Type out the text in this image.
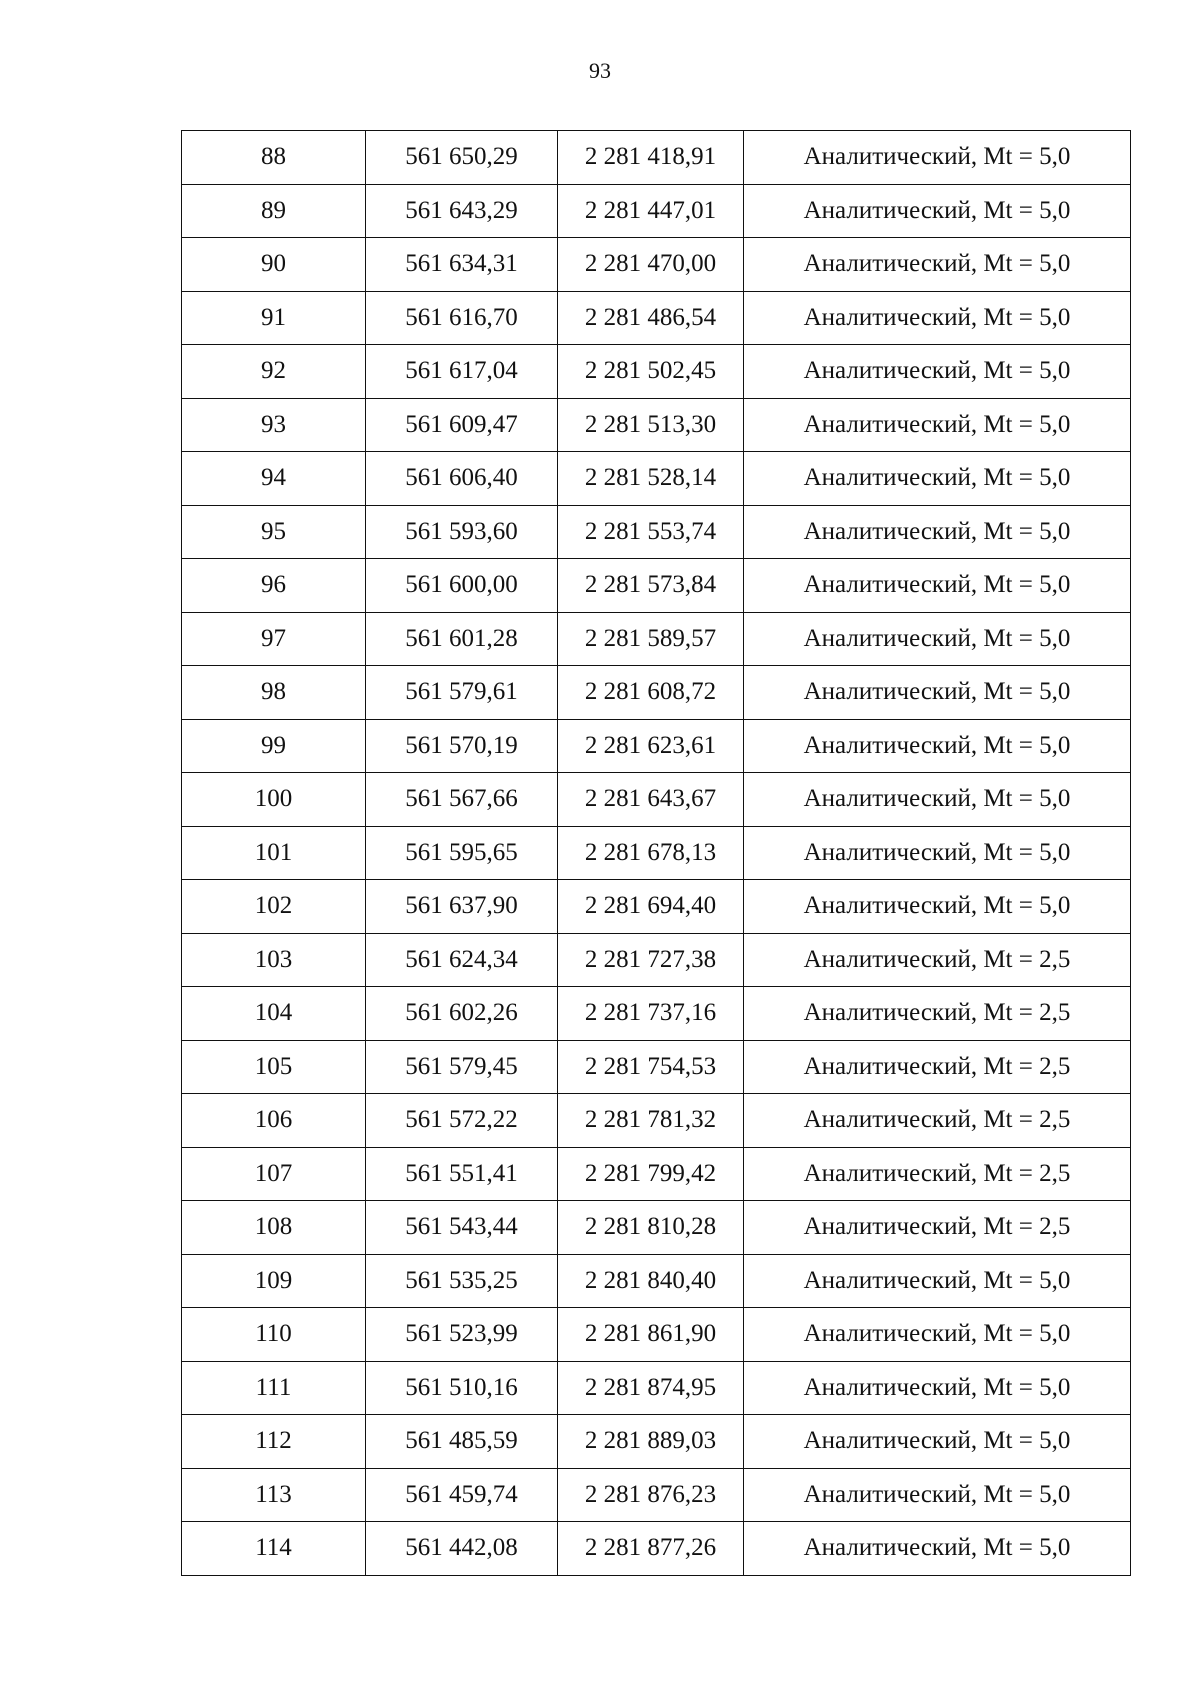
93
88	561 650,29	2 281 418,91	Аналитический, Mt = 5,0
89	561 643,29	2 281 447,01	Аналитический, Mt = 5,0
90	561 634,31	2 281 470,00	Аналитический, Mt = 5,0
91	561 616,70	2 281 486,54	Аналитический, Mt = 5,0
92	561 617,04	2 281 502,45	Аналитический, Mt = 5,0
93	561 609,47	2 281 513,30	Аналитический, Mt = 5,0
94	561 606,40	2 281 528,14	Аналитический, Mt = 5,0
95	561 593,60	2 281 553,74	Аналитический, Mt = 5,0
96	561 600,00	2 281 573,84	Аналитический, Mt = 5,0
97	561 601,28	2 281 589,57	Аналитический, Mt = 5,0
98	561 579,61	2 281 608,72	Аналитический, Mt = 5,0
99	561 570,19	2 281 623,61	Аналитический, Mt = 5,0
100	561 567,66	2 281 643,67	Аналитический, Mt = 5,0
101	561 595,65	2 281 678,13	Аналитический, Mt = 5,0
102	561 637,90	2 281 694,40	Аналитический, Mt = 5,0
103	561 624,34	2 281 727,38	Аналитический, Mt = 2,5
104	561 602,26	2 281 737,16	Аналитический, Mt = 2,5
105	561 579,45	2 281 754,53	Аналитический, Mt = 2,5
106	561 572,22	2 281 781,32	Аналитический, Mt = 2,5
107	561 551,41	2 281 799,42	Аналитический, Mt = 2,5
108	561 543,44	2 281 810,28	Аналитический, Mt = 2,5
109	561 535,25	2 281 840,40	Аналитический, Mt = 5,0
110	561 523,99	2 281 861,90	Аналитический, Mt = 5,0
111	561 510,16	2 281 874,95	Аналитический, Mt = 5,0
112	561 485,59	2 281 889,03	Аналитический, Mt = 5,0
113	561 459,74	2 281 876,23	Аналитический, Mt = 5,0
114	561 442,08	2 281 877,26	Аналитический, Mt = 5,0
